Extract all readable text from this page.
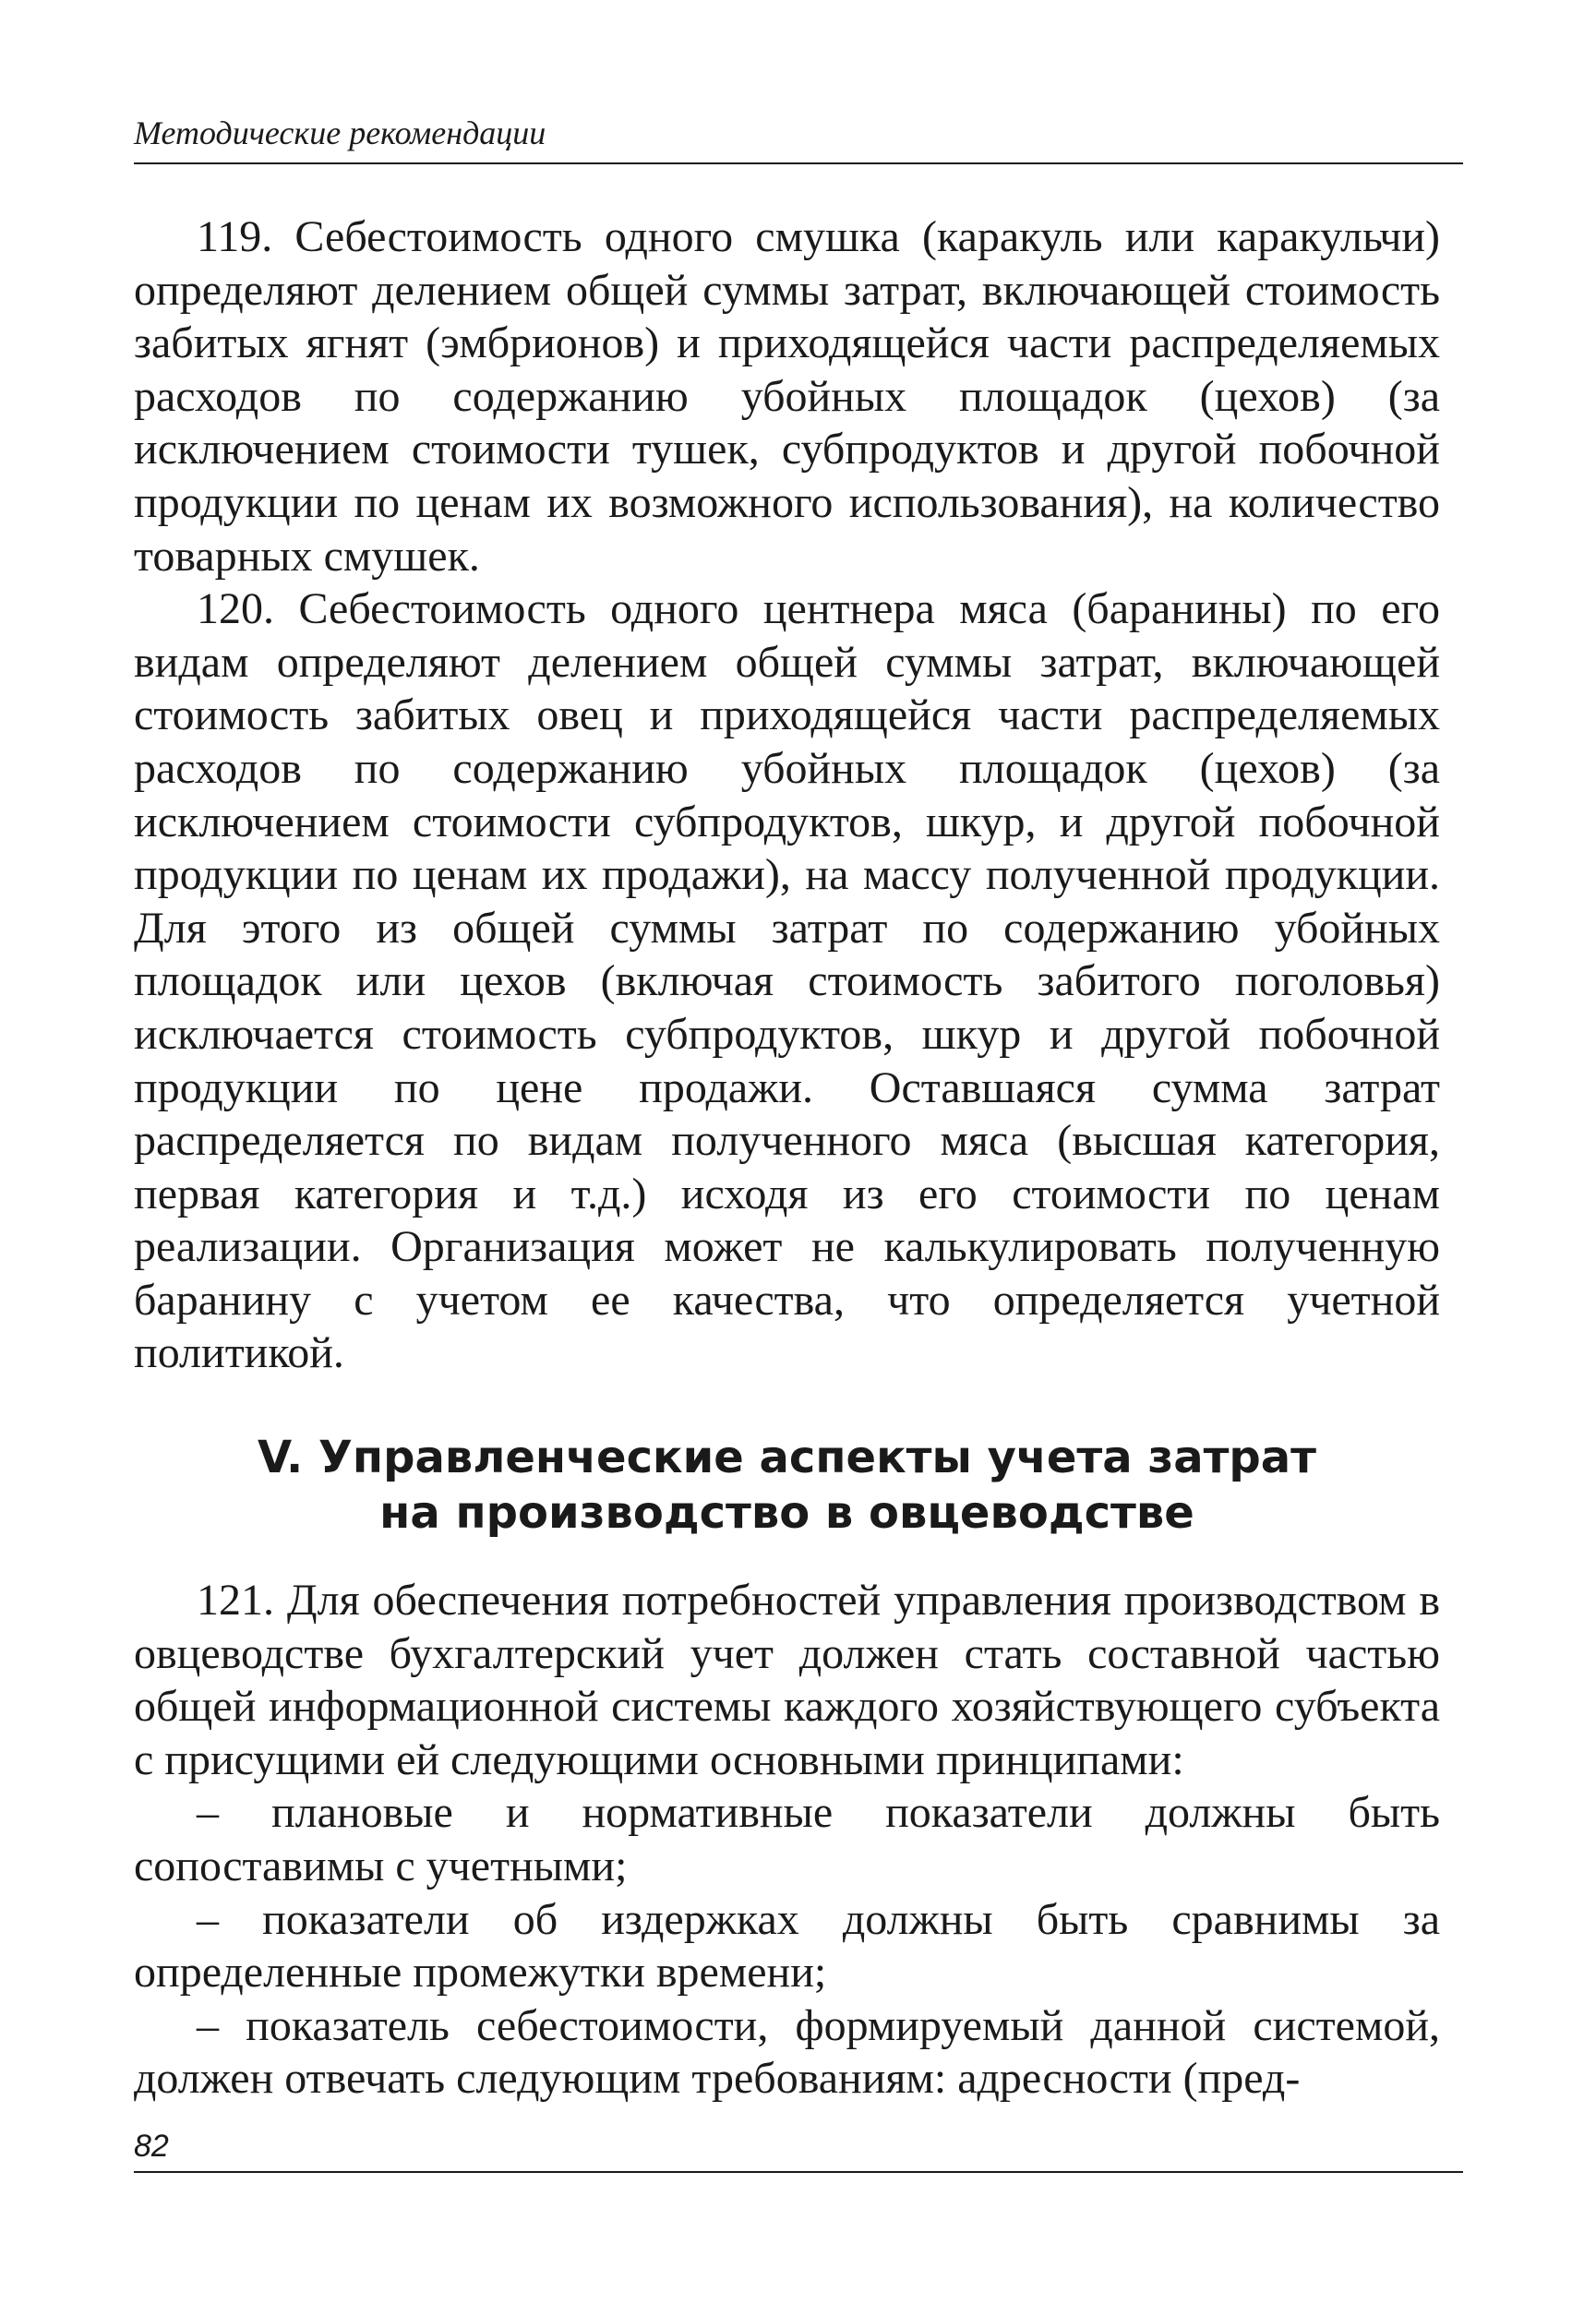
Методические рекомендации

119. Себестоимость одного смушка (каракуль или каракульчи) определяют делением общей суммы затрат, включающей стоимость забитых ягнят (эмбрионов) и приходящейся части распределяемых расходов по содержанию убойных площадок (цехов) (за исключением стоимости тушек, субпродуктов и другой побочной продукции по ценам их возможного использования), на количество товарных смушек.

120. Себестоимость одного центнера мяса (баранины) по его видам определяют делением общей суммы затрат, включающей стоимость забитых овец и приходящейся части распределяемых расходов по содержанию убойных площадок (цехов) (за исключением стоимости субпродуктов, шкур, и другой побочной продукции по ценам их продажи), на массу полученной продукции. Для этого из общей суммы затрат по содержанию убойных площадок или цехов (включая стоимость забитого поголовья) исключается стоимость субпродуктов, шкур и другой побочной продукции по цене продажи. Оставшаяся сумма затрат распределяется по видам полученного мяса (высшая категория, первая категория и т.д.) исходя из его стоимости по ценам реализации. Организация может не калькулировать полученную баранину с учетом ее качества, что определяется учетной политикой.

V. Управленческие аспекты учета затрат
на производство в овцеводстве

121. Для обеспечения потребностей управления производством в овцеводстве бухгалтерский учет должен стать составной частью общей информационной системы каждого хозяйствующего субъекта с присущими ей следующими основными принципами:

– плановые и нормативные показатели должны быть сопоставимы с учетными;

– показатели об издержках должны быть сравнимы за определенные промежутки времени;

– показатель себестоимости, формируемый данной системой, должен отвечать следующим требованиям: адресности (пред-

82
